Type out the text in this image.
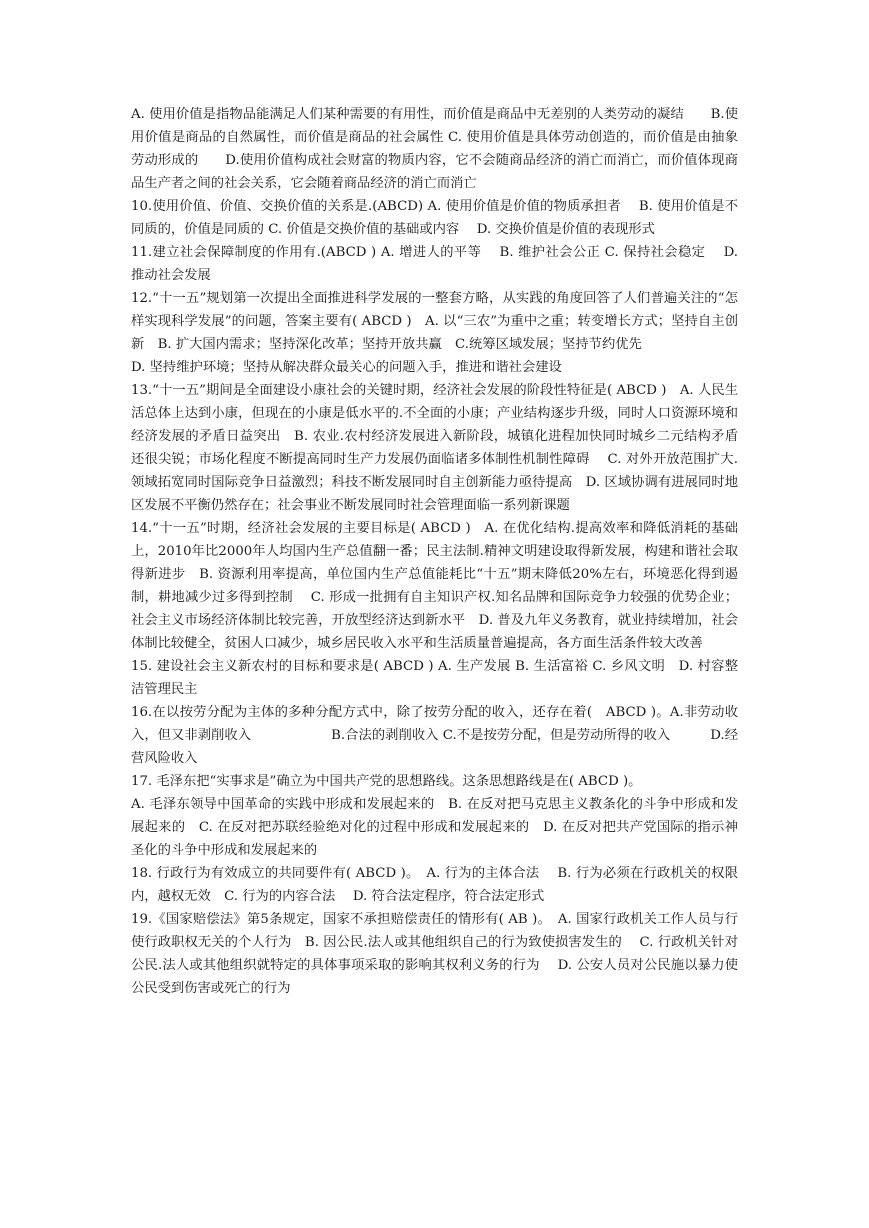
A. 使用价值是指物品能满足人们某种需要的有用性，而价值是商品中无差别的人类劳动的凝结　　B.使用价值是商品的自然属性，而价值是商品的社会属性 C. 使用价值是具体劳动创造的，而价值是由抽象劳动形成的　　D.使用价值构成社会财富的物质内容，它不会随商品经济的消亡而消亡，而价值体现商品生产者之间的社会关系，它会随着商品经济的消亡而消亡

10.使用价值、价值、交换价值的关系是.(ABCD) A. 使用价值是价值的物质承担者　 B. 使用价值是不同质的，价值是同质的 C. 价值是交换价值的基础或内容　 D. 交换价值是价值的表现形式

11.建立社会保障制度的作用有.(ABCD ) A. 增进人的平等　 B. 维护社会公正 C. 保持社会稳定　 D. 推动社会发展

12.“十一五”规划第一次提出全面推进科学发展的一整套方略，从实践的角度回答了人们普遍关注的“怎样实现科学发展”的问题，答案主要有( ABCD )　A. 以“三农”为重中之重；转变增长方式；坚持自主创新　B. 扩大国内需求；坚持深化改革；坚持开放共赢　C.统筹区域发展；坚持节约优先

D. 坚持维护环境；坚持从解决群众最关心的问题入手，推进和谐社会建设

13.“十一五”期间是全面建设小康社会的关键时期，经济社会发展的阶段性特征是( ABCD )　A. 人民生活总体上达到小康，但现在的小康是低水平的.不全面的小康；产业结构逐步升级，同时人口资源环境和经济发展的矛盾日益突出　B. 农业.农村经济发展进入新阶段，城镇化进程加快同时城乡二元结构矛盾还很尖锐；市场化程度不断提高同时生产力发展仍面临诸多体制性机制性障碍　 C. 对外开放范围扩大.领域拓宽同时国际竞争日益激烈；科技不断发展同时自主创新能力亟待提高　D. 区域协调有进展同时地区发展不平衡仍然存在；社会事业不断发展同时社会管理面临一系列新课题

14.“十一五”时期，经济社会发展的主要目标是( ABCD )　A. 在优化结构.提高效率和降低消耗的基础上，2010年比2000年人均国内生产总值翻一番；民主法制.精神文明建设取得新发展，构建和谐社会取得新进步　B. 资源利用率提高，单位国内生产总值能耗比“十五”期末降低20%左右，环境恶化得到遏制，耕地减少过多得到控制　 C. 形成一批拥有自主知识产权.知名品牌和国际竞争力较强的优势企业；社会主义市场经济体制比较完善，开放型经济达到新水平　D. 普及九年义务教育，就业持续增加，社会体制比较健全，贫困人口减少，城乡居民收入水平和生活质量普遍提高，各方面生活条件较大改善

15. 建设社会主义新农村的目标和要求是( ABCD ) A. 生产发展 B. 生活富裕 C. 乡风文明　D. 村容整洁管理民主

16.在以按劳分配为主体的多种分配方式中，除了按劳分配的收入，还存在着(　ABCD )。A.非劳动收入，但又非剥削收入　　　　　　B.合法的剥削收入 C.不是按劳分配，但是劳动所得的收入　　　D.经营风险收入

17. 毛泽东把“实事求是”确立为中国共产党的思想路线。这条思想路线是在( ABCD )。

A. 毛泽东领导中国革命的实践中形成和发展起来的　B. 在反对把马克思主义教条化的斗争中形成和发展起来的　C. 在反对把苏联经验绝对化的过程中形成和发展起来的　D. 在反对把共产党国际的指示神圣化的斗争中形成和发展起来的

18. 行政行为有效成立的共同要件有( ABCD )。　A. 行为的主体合法　 B. 行为必须在行政机关的权限内，越权无效　C. 行为的内容合法　 D. 符合法定程序，符合法定形式

19.《国家赔偿法》第5条规定，国家不承担赔偿责任的情形有( AB )。　A. 国家行政机关工作人员与行使行政职权无关的个人行为　B. 因公民.法人或其他组织自己的行为致使损害发生的　 C. 行政机关针对公民.法人或其他组织就特定的具体事项采取的影响其权利义务的行为　 D. 公安人员对公民施以暴力使公民受到伤害或死亡的行为
